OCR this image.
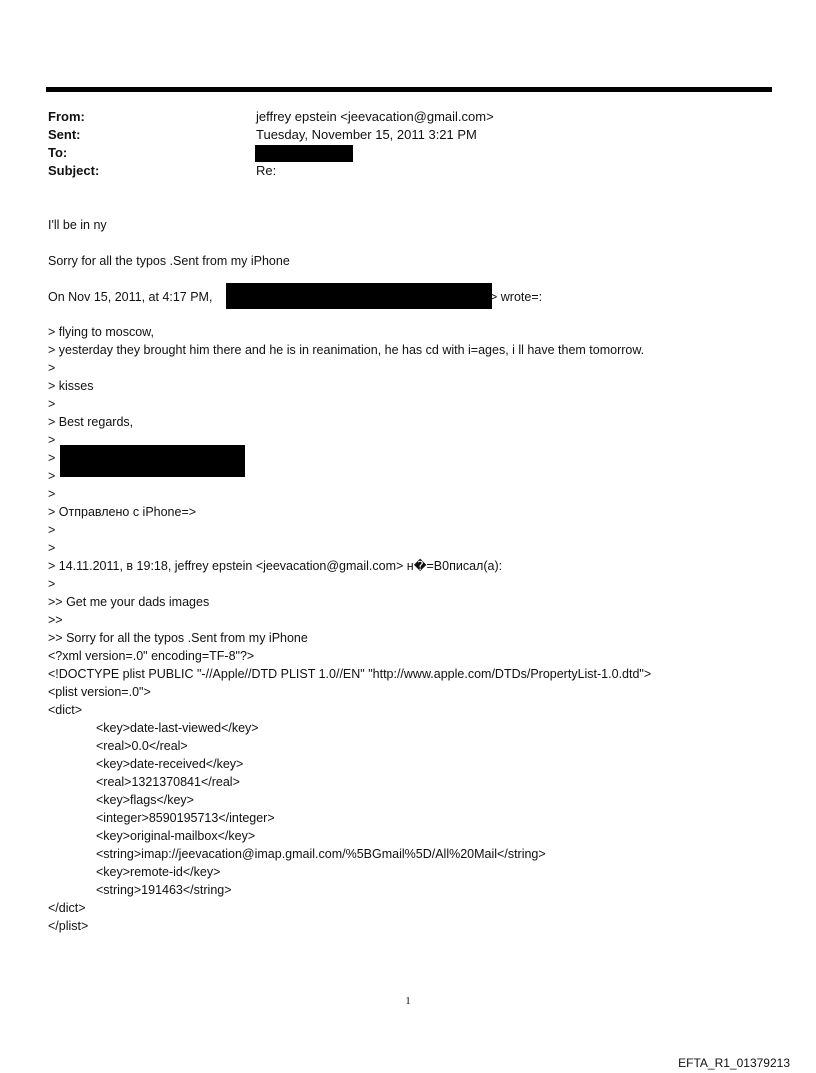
From:	jeffrey epstein <jeevacation@gmail.com>
Sent:	Tuesday, November 15, 2011 3:21 PM
To:
Subject:	Re:
I'll be in ny
Sorry for all the typos .Sent from my iPhone
On Nov 15, 2011, at 4:17 PM,	> wrote=:
> flying to moscow,
> yesterday they brought him there and he is in reanimation, he has cd with i=ages, i ll have them tomorrow.
>
> kisses
>
> Best regards,
>
>
>
>
> Отправлено с iPhone=>
>
>
> 14.11.2011, в 19:18, jeffrey epstein <jeevacation@gmail.com> н�=B0писал(а):
>
>> Get me your dads images
>>
>> Sorry for all the typos .Sent from my iPhone
<?xml version=.0" encoding=TF-8"?>
<!DOCTYPE plist PUBLIC "-//Apple//DTD PLIST 1.0//EN" "http://www.apple.com/DTDs/PropertyList-1.0.dtd">
<plist version=.0">
<dict>
<key>date-last-viewed</key>
<real>0.0</real>
<key>date-received</key>
<real>1321370841</real>
<key>flags</key>
<integer>8590195713</integer>
<key>original-mailbox</key>
<string>imap://jeevacation@imap.gmail.com/%5BGmail%5D/All%20Mail</string>
<key>remote-id</key>
<string>191463</string>
</dict>
</plist>
1
EFTA_R1_01379213
